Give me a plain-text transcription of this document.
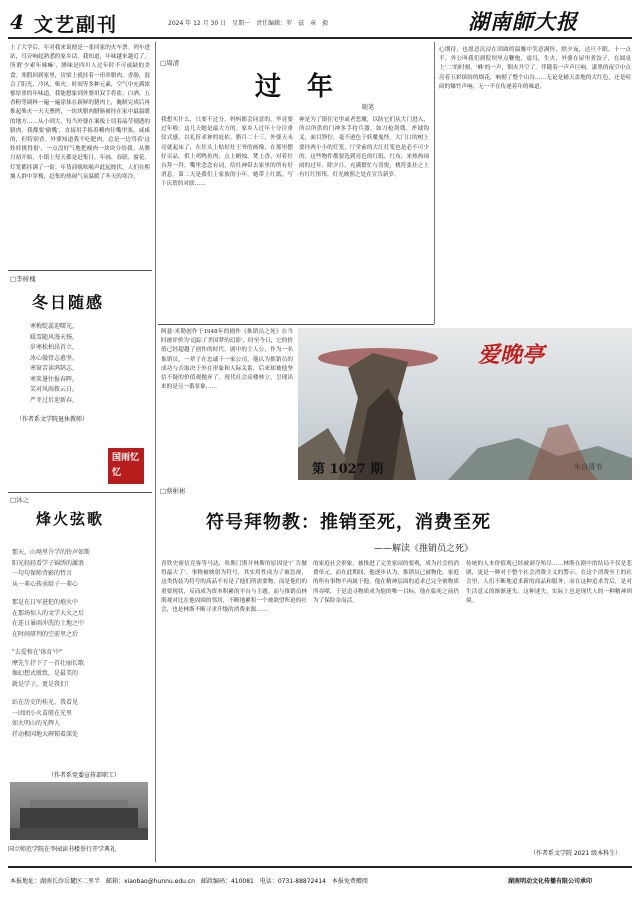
4 文艺副刊	2024 年 12 月 30 日　星期一　责任编辑：罗　兹　章　毅	湖南師大报
上了大学后，年对我来说便是一张回家的火车票。列车进站，耳旁响起熟悉的家乡话，我知道，年味越来越近了。所谓'少索年味嘛'，腊味是四川人过年时不可或缺的美食。寒假回到家里，房梁上就挂着一串串腊肉、香肠，混合了阳光、冷风、柴火，时间等多种元素，空气中充满浓郁厚重的年味道。我能想象到外婆用双手将盐、白酒、五香粉等调料一遍一遍涂抹在新鲜的猪肉上，腌制完成后再推起柴火一天天熏烤，一块块腊肉腊肠被挂在家中最温暖的地方……从小到大，每当外婆在案板上切着晶莹剔透的腊肉，我都要'偷嘴'，直接用手拣着嚼肉往嘴里塞，咸咸的，但特别香。外婆知道我不吃肥肉，总是一边骂着'这娃娃挑得很'，一点没好气地把瘦肉一块块分给我。从腊月初开始，小镇上每天都是赶集日。年画、春联、窗花、灯笼都挂满了一街。年货商贩吆喝声此起彼伏，人们在熙攘人群中穿梭，赶集的热闹气氛温暖了冬天的寒冷。
□李树槐
冬日随感
寒梅绽蕊迎曙光，
暖雪随风漫天扬。
岁寒松柏昂首立，
冰心傲骨志愈坚。
寒窗苦读鸿鹄志，
寒来暑往报春晖。
笑对风雨拨云日，
严冬过后迎新春。
（作者系文学院退休教师）
国雨忆忆
□沐之
烽火弦歌
那天，山坳里升学的铃声如斯
阳光轻轻看学子锦绣的激浪
一句句保师背影的哲言
从一辈心传承给子一辈心
那是在日军进犯的炮火中
在那场惊人的文学大火之后
在连日暴雨冲洗的土地之中
在时间研判的空前里之后
"去爱和在'体育'中"
摩先生抒下了一首壮丽长歌
像幻想式般致，是最美的
就是学子，更是我们！
站在历史的桂光，我看见
一团团小火苗般在光里
如火明山的光辉人
扦动根国地大碑锁着深处
（作者系党委宣传部职工）
国立师范学院在李园读书楼举行开学典礼
□周清
过　年
随笔
我想买什么，只要不过分，妈妈都会同意的，毕竟要过年啦。这几天她是最大方的。家乡人过年十分注重仪式感，以礼折求神的庇佑。腊月二十三，外婆天未亮就起床了，在灶头上贴好灶王爷的画像，在那里摆好贡品，供上鸡鸭鱼肉，点上蜡烛，焚上香，对着灶台拜一拜，嘴里念念有词，给灶神带去家里的所有好消息。第二天是我们土家族的小年，她带上红纸，写下庆贺的对联……
神是为了镇住宅里或者恶魔，以防它们从大门进入，所以所供的门神多手持兵器，如刀枪剑戟、斧钺钩叉，面目狰狞，毫不逊色于妖魔鬼怪。大门口的树上要挂两小小的灯笼，厅堂前的大红灯笼也是必不可少的，这些物件都要选到亮色的红纸、红布，来热热闹闹的过年。除夕日，充满繁忙与喜悦，桃符张挂之上有红红彤彤，灯光映照之处在宣告新岁。
心期待，也愿意沉浸在团圆的温馨中笑意满怀，除夕夜，达旦不眠。十一点半，外公叫我们到院坝里点鞭炮，震耳，生火，外婆在屋里煮饺子，在圆桌上'二'的时刻，'咻'的一声，烟火升空了。伴随着一声声巨响，漆黑的夜空中点亮着五彩缤纷的烟花，响彻了整个山谷……无论是辅天盖地的大红色，还是喧闹的爆竹声响，无一不在传递着年的味道。
阿瑟·米勒创作于1948年的剧作《推销员之死》在当时被评价为'追踪了美国梦的幻影'，时至今日，它的价值已经超越了创作的时代。剧中的主人公，作为一名推销员，一辈子在忠诚于一家公司，他认为推销员的成功与否取决于外在形象和人际关系，后来却被他坚信不疑的价值观抛弃了。现代社会高楼林立，呈现出来的是另一番景象……
爱晚亭
第 1027 期	朱自清书
□蔡彬彬
符号拜物教：推销至死，消费至死
——解读《推销员之死》
青铁史密信竞客等马达，哈斯门斯开林斯的原因是'广告做得最大了'。事物被映射为符号，其实用性成为了被忽视，这类伪装为符号的高品不有是了他们所需要物，而是他们的重要现状，反而成为资本积累的平台与主题。而与推销员林斯观对比在他周围的邻居，不断地累积一个被欲望所迫的社会，也是林斯不断寻求升级的消费来源……
的家庭社会形象，被推进了完美家园的要观，成为社会的消费单元。而在此期间，他逐步认为，推销员已被物化，家庭的所有事物不再属于他，他在精神层面的追求已完全被物质所吞噬，于是追寻物质成为他的唯一目标，他在临死之前仍为了保险金而活。
传统的人本价值观已经被剥夺殆尽……林斯在剧中的结局不仅是悲剧，更是一种对于整个社会消费主义的警示。在这个消费至上的社会里，人们不断地追求新的商品和服务，而在这种追求背后，是对生活意义的渐渐迷失。这种迷失，实际上也是现代人的一种精神困境。
（作者系文学院 2021 级本科生）
本报地址：湖南长沙岳麓区二里半　邮箱：xiaobao@hunnu.edu.cn　邮政编码：410081　电话：0731-88872414　本报免费赠阅	湖南明动文化传播有限公司承印
